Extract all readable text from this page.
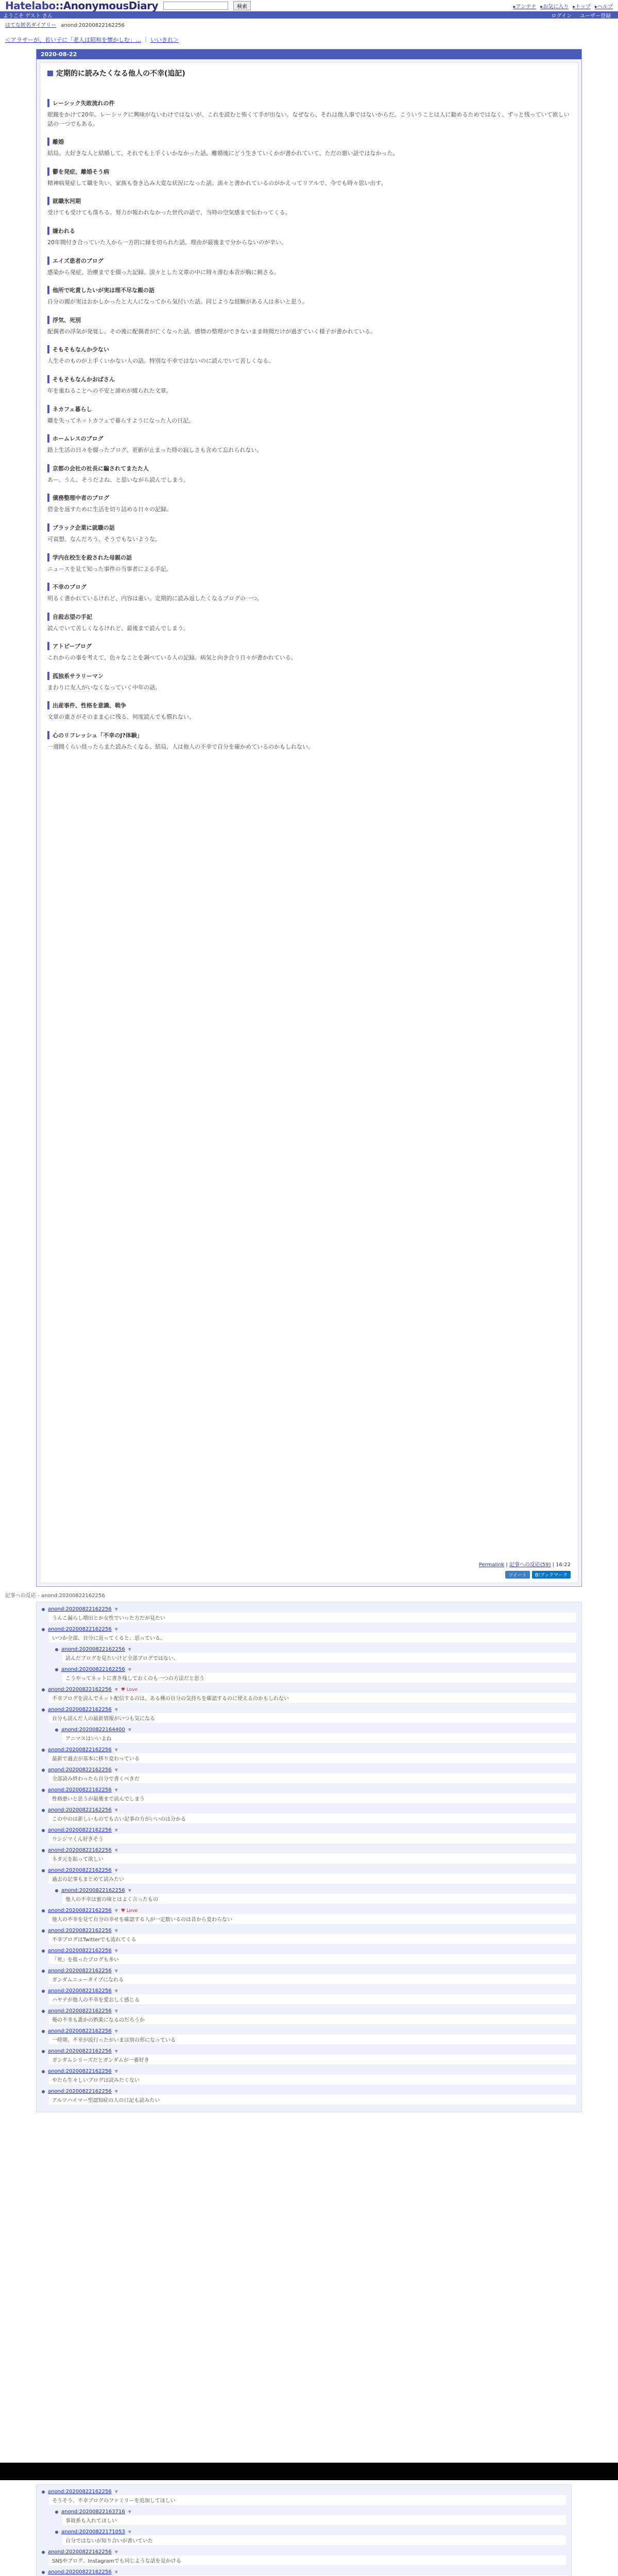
Hatelabo::AnonymousDiary	検索	▸アンテナ ▸お気に入り ▸トップ ▸ヘルプ
ようこそ ゲスト さん	ログイン ユーザー登録
はてな匿名ダイアリー anond:20200822162256
＜アラサーが、若い子に「老人は昭和を懐かしむ」… ｜ いいきれ＞
2020-08-22
定期的に読みたくなる他人の不幸(追記)
レーシック失敗流れの件

眼鏡をかけて20年。レーシックに興味がないわけではないが、これを読むと怖くて手が出ない。なぜなら、それは他人事ではないからだ。こういうことは人に勧めるためではなく、ずっと残っていて欲しい話の一つでもある。

離婚

結局、大好きな人と結婚して、それでも上手くいかなかった話。離婚後にどう生きていくかが書かれていて、ただの悪い話ではなかった。

鬱を発症、離婚そう病

精神病発症して職を失い、家族も巻き込み大変な状況になった話。淡々と書かれているのがかえってリアルで、今でも時々思い出す。

就職氷河期

受けても受けても落ちる。努力が報われなかった世代の話で、当時の空気感まで伝わってくる。

嫌われる

20年間付き合っていた人から一方的に縁を切られた話。理由が最後まで分からないのが辛い。

エイズ患者のブログ

感染から発症、治療までを綴った記録。淡々とした文章の中に時々滲む本音が胸に刺さる。

他所で叱責したいが実は理不尽な親の話

自分の親が実はおかしかったと大人になってから気付いた話。同じような経験がある人は多いと思う。

浮気、死別

配偶者の浮気が発覚し、その後に配偶者が亡くなった話。感情の整理ができないまま時間だけが過ぎていく様子が書かれている。

そもそもなんか少ない

人生そのものが上手くいかない人の話。特別な不幸ではないのに読んでいて苦しくなる。

そもそもなんかおばさん

年を重ねることへの不安と諦めが綴られた文章。

ネカフェ暮らし

職を失ってネットカフェで暮らすようになった人の日記。

ホームレスのブログ

路上生活の日々を綴ったブログ。更新が止まった時の寂しさも含めて忘れられない。

京都の会社の社長に騙されてまたた人

あー、うん、そうだよね、と思いながら読んでしまう。

債務整理中者のブログ

借金を返すために生活を切り詰める日々の記録。

ブラック企業に就職の話

可哀想、なんだろう、そうでもないような。

学内在校生を殺された母親の話

ニュースを見て知った事件の当事者による手記。

不幸のブログ

明るく書かれているけれど、内容は重い。定期的に読み返したくなるブログの一つ。

自殺志望の手記

読んでいて苦しくなるけれど、最後まで読んでしまう。

アトピーブログ

これからの事を考えて、色々なことを調べている人の記録。病気と向き合う日々が書かれている。

孤独系サラリーマン

まわりに友人がいなくなっていく中年の話。

出産事件、性格を意識、戦争

文章の重さがそのまま心に残る。何度読んでも慣れない。

心のリフレッシュ「不幸のJ?体験」

一週間くらい経ったらまた読みたくなる。結局、人は他人の不幸で自分を確かめているのかもしれない。

Permalink | 記事への反応(59) | 16:22
ツイート	B!ブックマーク
記事への反応 - anond:20200822162256
anond:20200822162256 ▼
うんこ漏らし増田とか女性でいった方だが見たい
anond:20200822162256 ▼
いつか全部、自分に返ってくると、思っている。
anond:20200822162256 ▼
読んだブログを見たいけど全部ブログではない。
anond:20200822162256 ▼
こうやってネットに書き残しておくのも一つの方法だと思う
anond:20200822162256 ▼ ♥ Love
不幸ブログを読んでネット配信するのは、ある種の自分の気持ちを確認するのに使えるのかもしれない
anond:20200822162256 ▼
自分も読んだ人の最新情報がいつも気になる
anond:20200822164400 ▼
アニマスはいいよね
anond:20200822162256 ▼
最新で過去が基本に移り変わっている
anond:20200822162256 ▼
全部読み終わったら自分で書くべきだ
anond:20200822162256 ▼
性格悪いと思うが最後まで読んでしまう
anond:20200822162256 ▼
この中のは新しいものでも古い記事の方がいいのは分かる
anond:20200822162256 ▼
ウシジマくん好きそう
anond:20200822162256 ▼
ネタ元を貼って欲しい
anond:20200822162256 ▼
過去の記事もまとめて読みたい
anond:20200822162256 ▼
他人の不幸は蜜の味とはよく言ったもの
anond:20200822162256 ▼ ♥ Love
他人の不幸を見て自分の幸せを確認する人が一定数いるのは昔から変わらない
anond:20200822162256 ▼
不幸ブログはTwitterでも流れてくる
anond:20200822162256 ▼
「死」を扱ったブログも多い
anond:20200822162256 ▼
ガンダムニュータイプになれる
anond:20200822162256 ▼
ハヤテが他人の不幸を愛おしく感じる
anond:20200822162256 ▼
俺の不幸も誰かの娯楽になるのだろうか
anond:20200822162256 ▼
一時期、不幸が流行ったがいまは別の形になっている
anond:20200822162256 ▼
ガンダムシリーズだとガンダムが一番好き
anond:20200822162256 ▼
やたら生々しいブログは読みたくない
anond:20200822162256 ▼
アルツハイマー型認知症の人の日記も読みたい
anond:20200822162256 ▼
そうそう、不幸ブログのファミリーを追加してほしい
anond:20200822163716 ▼
事故系も入れてほしい
anond:20200822171053 ▼
自分ではないが知り合いが書いていた
anond:20200822162256 ▼
SNSやブログ、Instagramでも同じような話を見かける
anond:20200822162256 ▼
